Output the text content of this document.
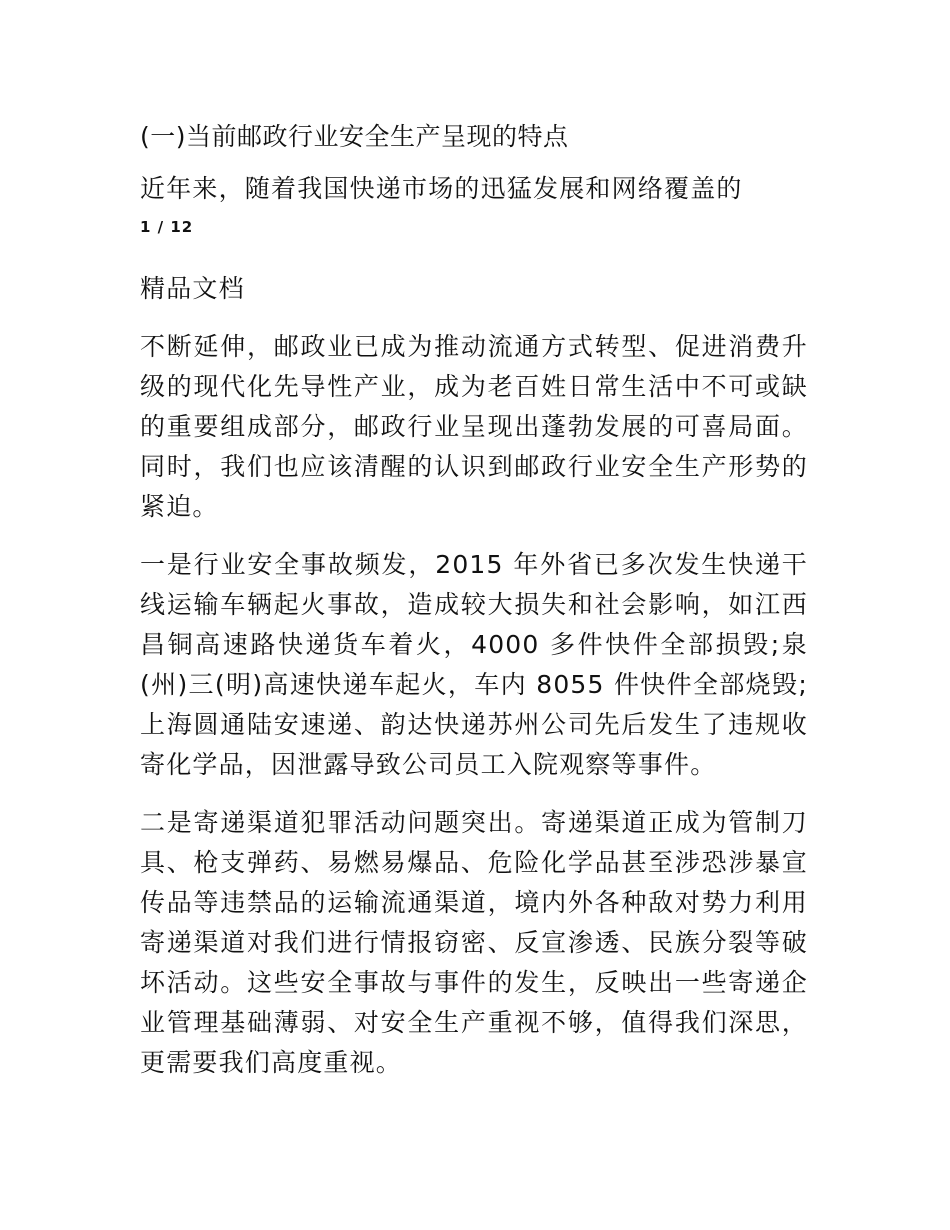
(一)当前邮政行业安全生产呈现的特点
近年来，随着我国快递市场的迅猛发展和网络覆盖的
1 / 12
精品文档
不断延伸，邮政业已成为推动流通方式转型、促进消费升级的现代化先导性产业，成为老百姓日常生活中不可或缺的重要组成部分，邮政行业呈现出蓬勃发展的可喜局面。同时，我们也应该清醒的认识到邮政行业安全生产形势的紧迫。
一是行业安全事故频发，2015 年外省已多次发生快递干线运输车辆起火事故，造成较大损失和社会影响，如江西昌铜高速路快递货车着火，4000 多件快件全部损毁;泉(州)三(明)高速快递车起火，车内 8055 件快件全部烧毁;上海圆通陆安速递、韵达快递苏州公司先后发生了违规收寄化学品，因泄露导致公司员工入院观察等事件。
二是寄递渠道犯罪活动问题突出。寄递渠道正成为管制刀具、枪支弹药、易燃易爆品、危险化学品甚至涉恐涉暴宣传品等违禁品的运输流通渠道，境内外各种敌对势力利用寄递渠道对我们进行情报窃密、反宣渗透、民族分裂等破坏活动。这些安全事故与事件的发生，反映出一些寄递企业管理基础薄弱、对安全生产重视不够，值得我们深思，更需要我们高度重视。
